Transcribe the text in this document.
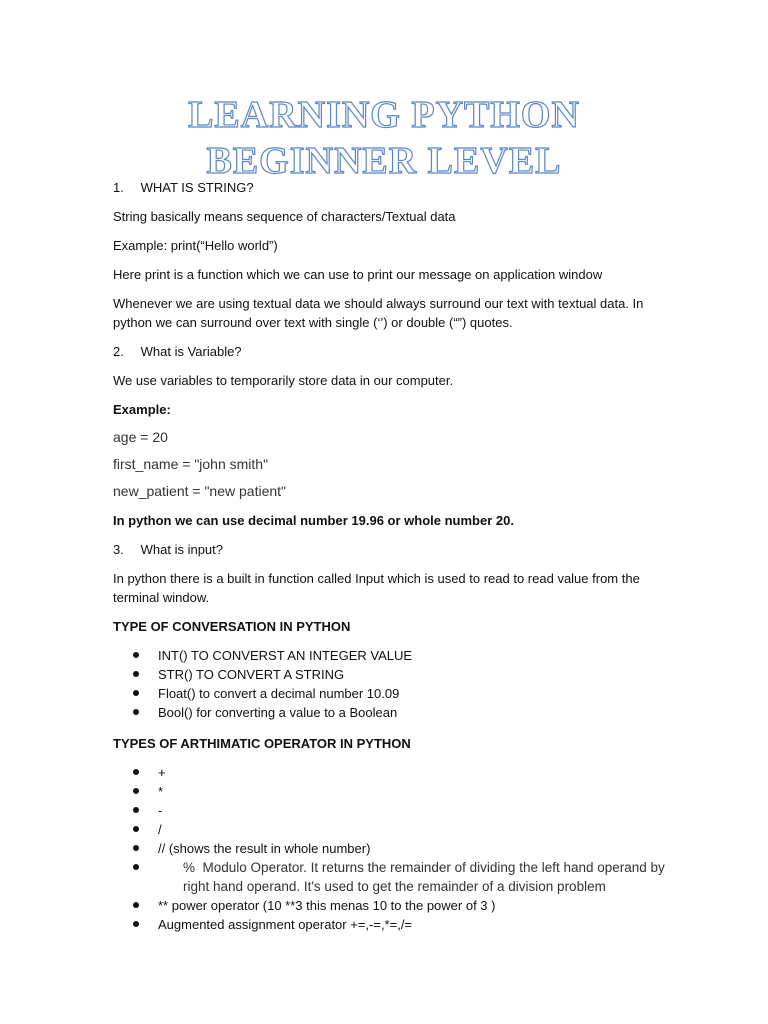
LEARNING PYTHON BEGINNER LEVEL
1. WHAT IS STRING?
String basically means sequence of characters/Textual data
Example: print(“Hello world”)
Here print is a function which we can use to print our message on application window
Whenever we are using textual data we should always surround our text with textual data. In python we can surround over text with single (‘’) or double (“”) quotes.
2. What is Variable?
We use variables to temporarily store data in our computer.
Example:
age = 20
first_name = "john smith"
new_patient = "new patient"
In python we can use decimal number 19.96 or whole number 20.
3. What is input?
In python there is a built in function called Input which is used to read to read value from the terminal window.
TYPE OF CONVERSATION IN PYTHON
INT() TO CONVERST AN INTEGER VALUE
STR() TO CONVERT A STRING
Float() to convert a decimal number 10.09
Bool() for converting a value to a Boolean
TYPES OF ARTHIMATIC OPERATOR IN PYTHON
+
*
-
/
// (shows the result in whole number)
% Modulo Operator. It returns the remainder of dividing the left hand operand by right hand operand. It's used to get the remainder of a division problem
** power operator (10 **3 this menas 10 to the power of 3 )
Augmented assignment operator +=,-=,*=,/=
